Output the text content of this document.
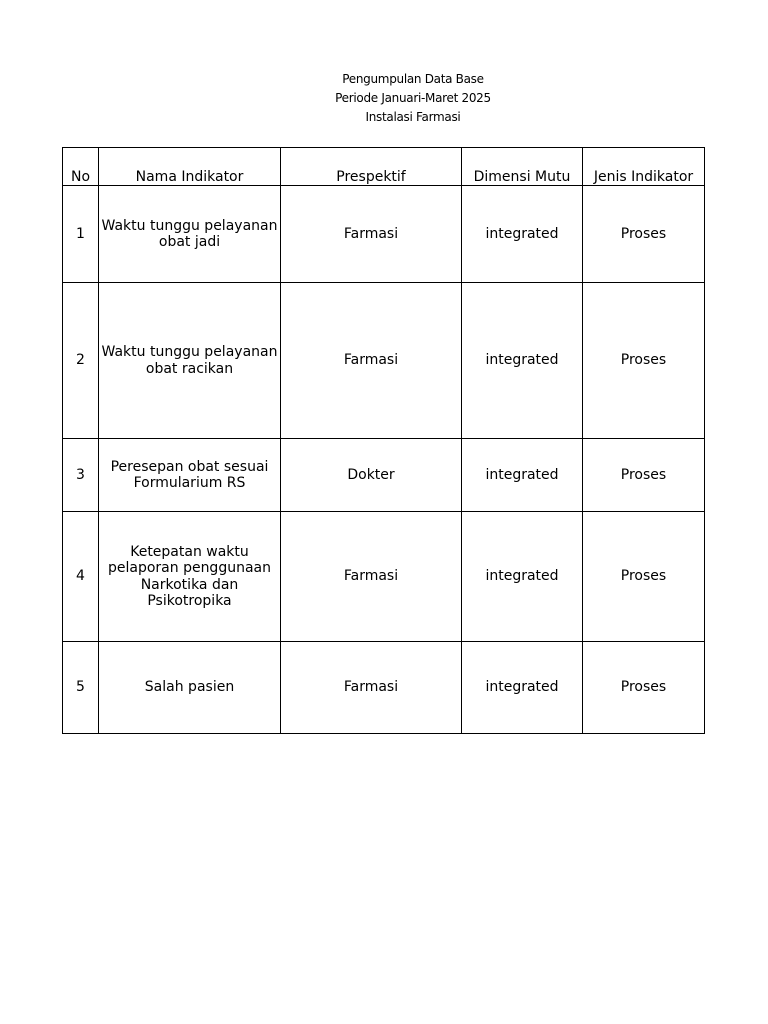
Pengumpulan Data Base
Periode Januari-Maret 2025
Instalasi Farmasi
No	Nama Indikator	Prespektif	Dimensi Mutu	Jenis Indikator
1	Waktu tunggu pelayanan obat jadi	Farmasi	integrated	Proses
2	Waktu tunggu pelayanan obat racikan	Farmasi	integrated	Proses
3	Peresepan obat sesuai Formularium RS	Dokter	integrated	Proses
4	Ketepatan waktu pelaporan penggunaan Narkotika dan Psikotropika	Farmasi	integrated	Proses
5	Salah pasien	Farmasi	integrated	Proses
